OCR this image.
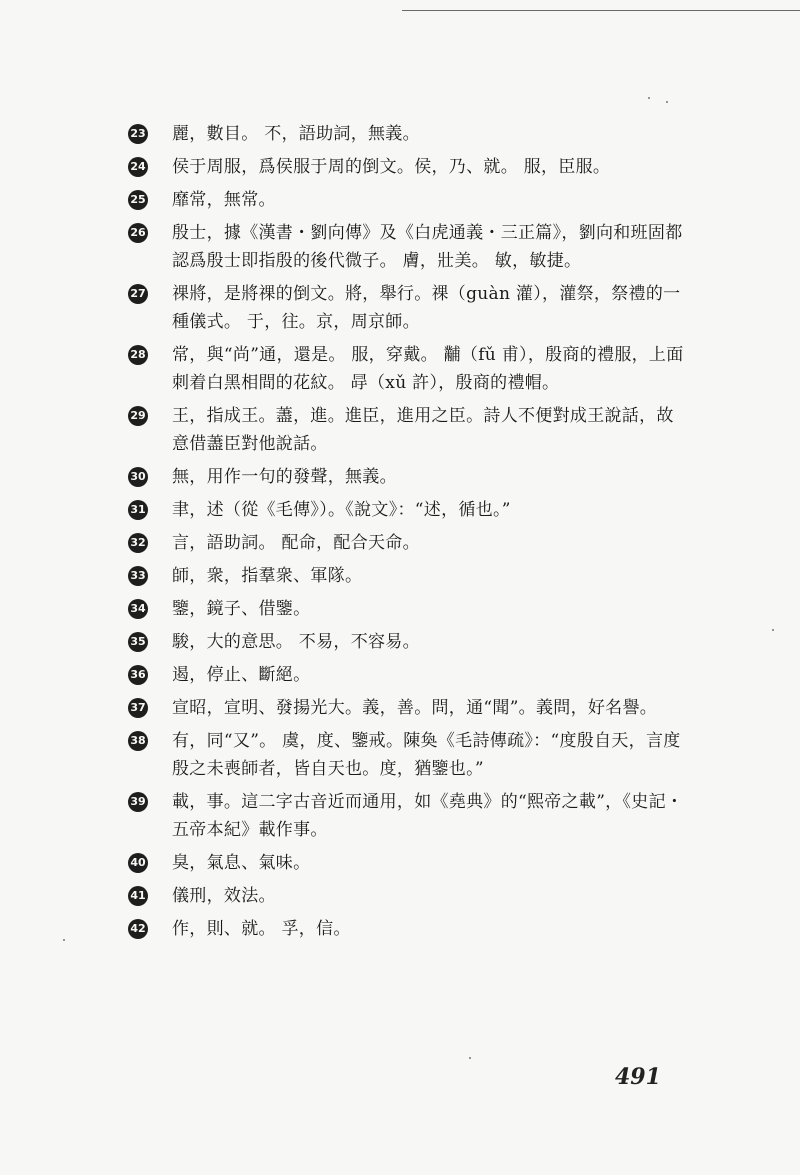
23 麗，數目。 不，語助詞，無義。
24 侯于周服，爲侯服于周的倒文。侯，乃、就。 服，臣服。
25 靡常，無常。
26 殷士，據《漢書・劉向傳》及《白虎通義・三正篇》，劉向和班固都認爲殷士即指殷的後代微子。 膚，壯美。 敏，敏捷。
27 祼將，是將祼的倒文。將，舉行。祼（guàn 灌），灌祭，祭禮的一種儀式。 于，往。京，周京師。
28 常，與“尚”通，還是。 服，穿戴。 黼（fǔ 甫），殷商的禮服，上面刺着白黑相間的花紋。 冔（xǔ 許），殷商的禮帽。
29 王，指成王。藎，進。進臣，進用之臣。詩人不便對成王說話，故意借藎臣對他說話。
30 無，用作一句的發聲，無義。
31 聿，述（從《毛傳》）。《說文》：“述，循也。”
32 言，語助詞。 配命，配合天命。
33 師，衆，指羣衆、軍隊。
34 鑒，鏡子、借鑒。
35 駿，大的意思。 不易，不容易。
36 遏，停止、斷絕。
37 宣昭，宣明、發揚光大。義，善。問，通“聞”。義問，好名譽。
38 有，同“又”。 虞，度、鑒戒。陳奐《毛詩傳疏》：“度殷自天，言度殷之未喪師者，皆自天也。度，猶鑒也。”
39 載，事。這二字古音近而通用，如《堯典》的“熙帝之載”，《史記・五帝本紀》載作事。
40 臭，氣息、氣味。
41 儀刑，效法。
42 作，則、就。 孚，信。
491
